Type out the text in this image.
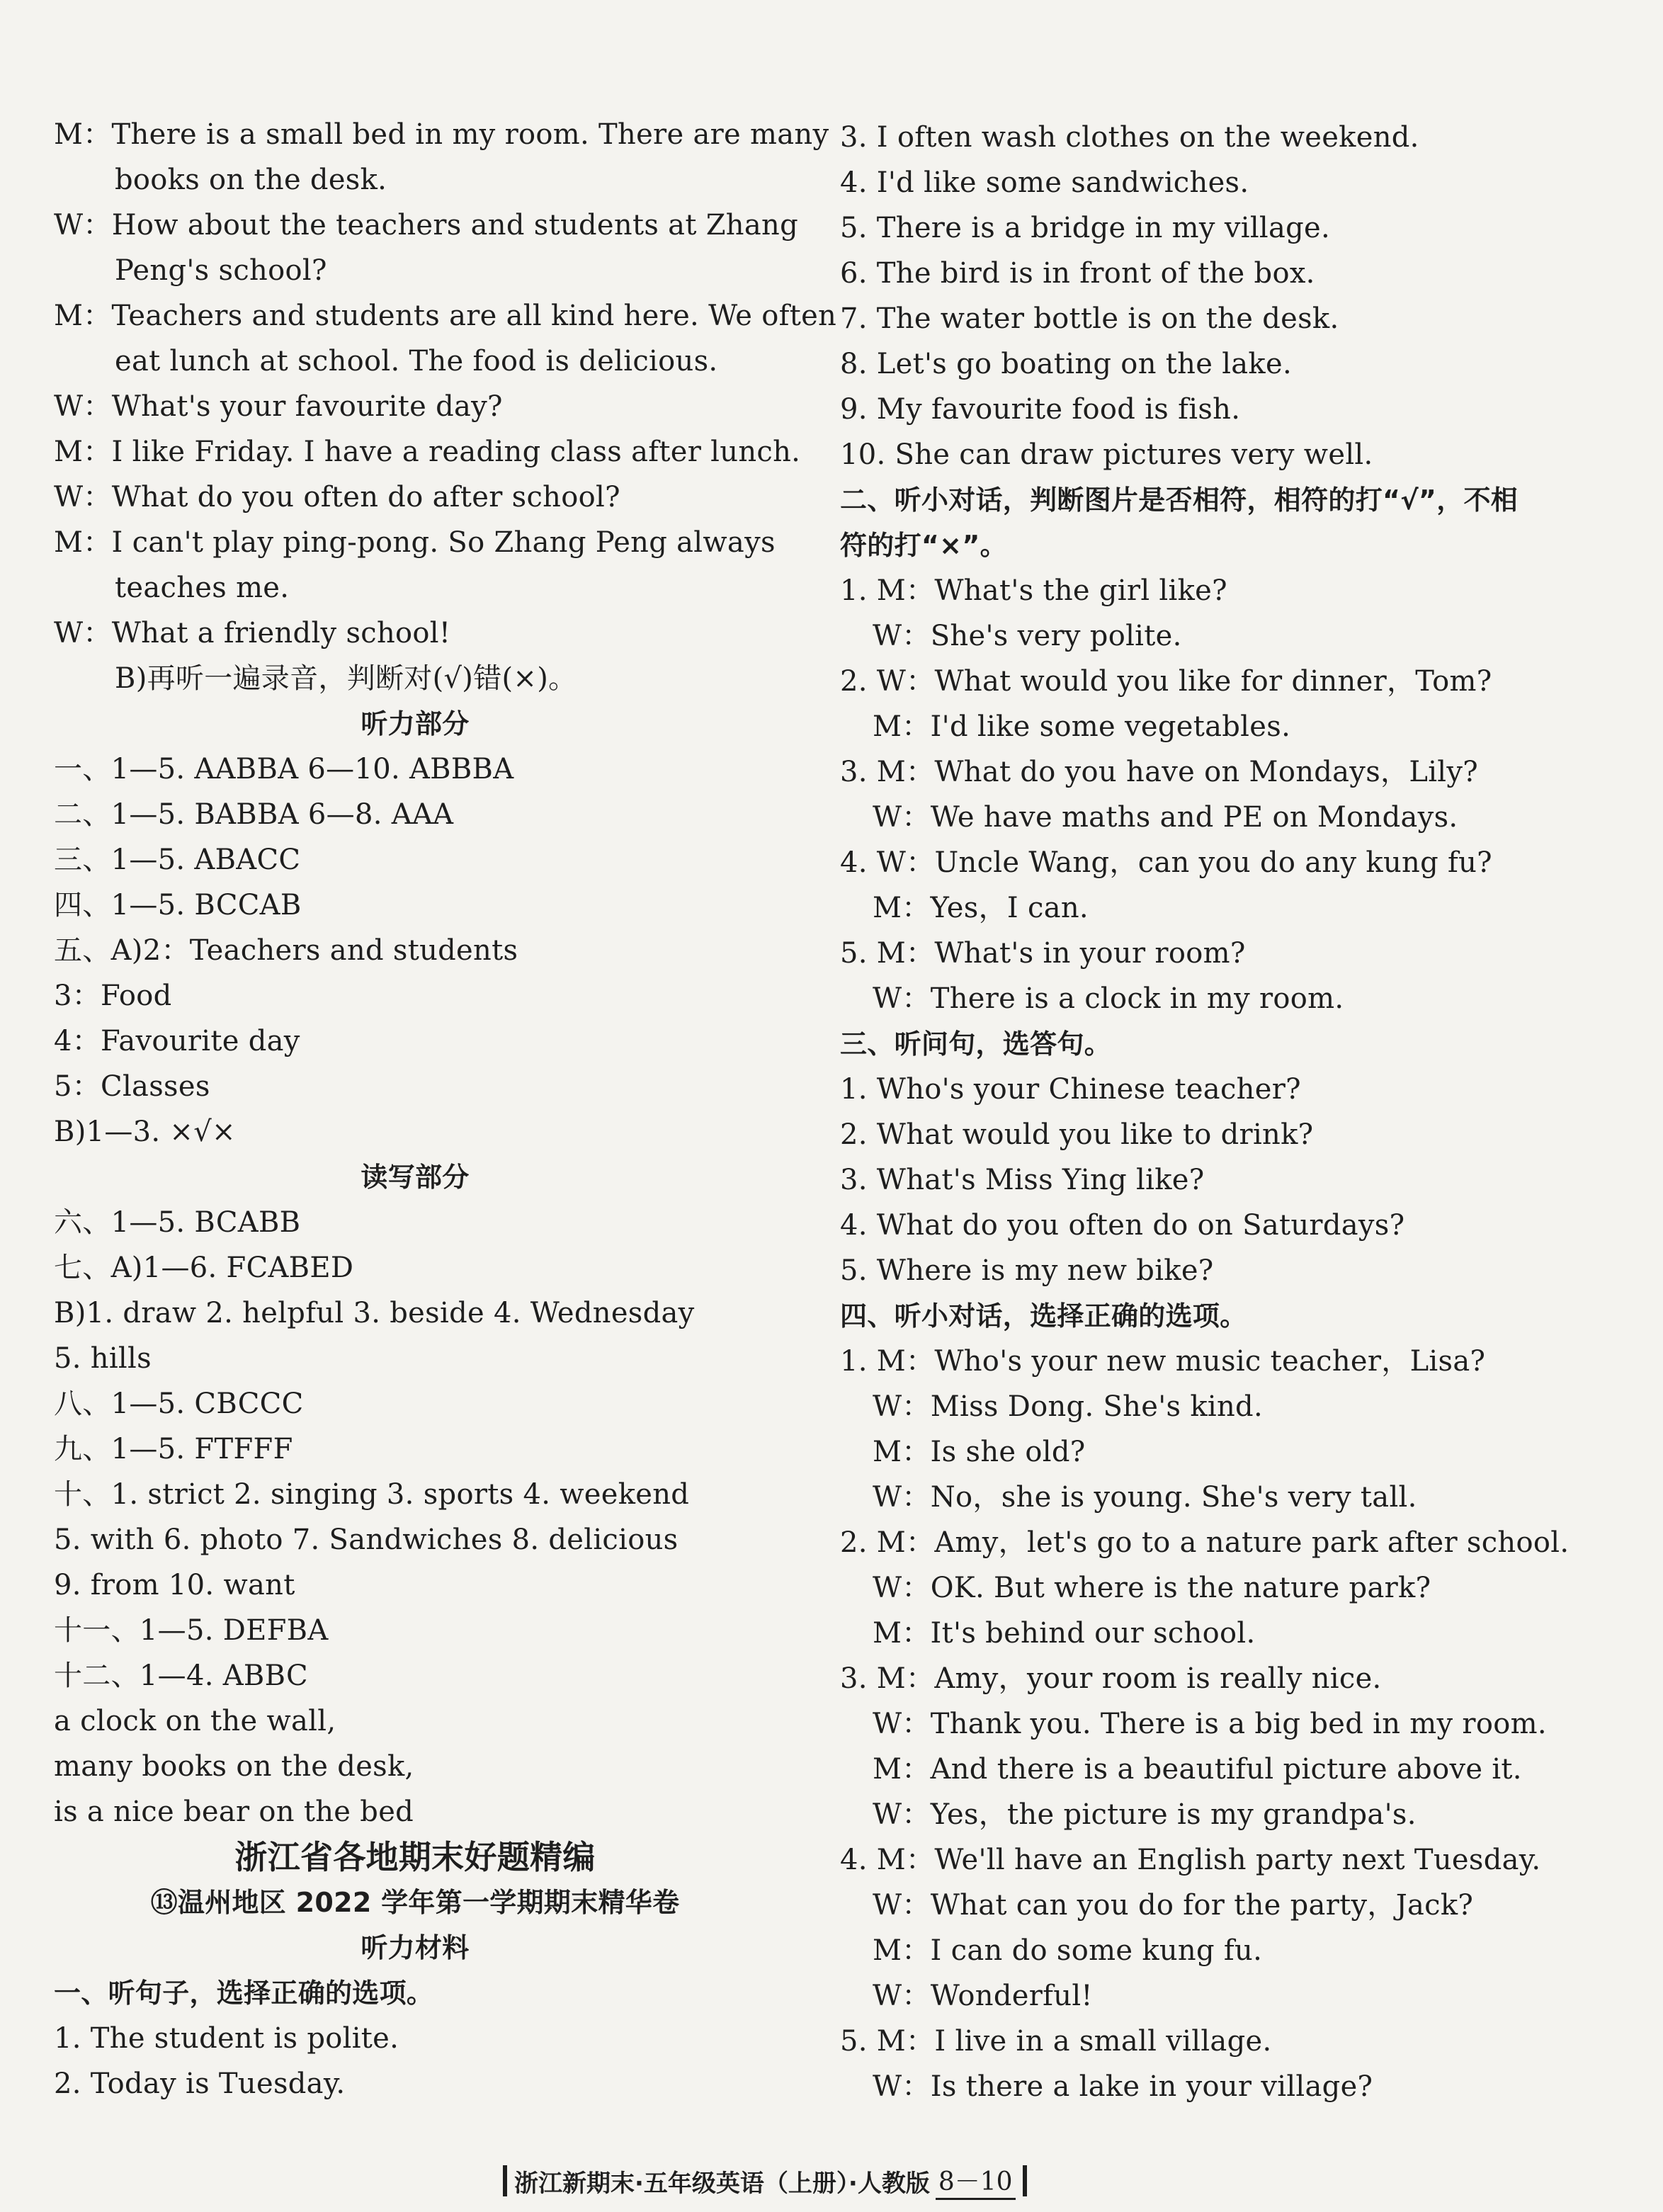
M：There is a small bed in my room. There are many
books on the desk.
W：How about the teachers and students at Zhang
Peng's school?
M：Teachers and students are all kind here. We often
eat lunch at school. The food is delicious.
W：What's your favourite day?
M：I like Friday. I have a reading class after lunch.
W：What do you often do after school?
M：I can't play ping-pong. So Zhang Peng always
teaches me.
W：What a friendly school!
B)再听一遍录音，判断对(√)错(×)。
听力部分
一、1—5. AABBA 6—10. ABBBA
二、1—5. BABBA 6—8. AAA
三、1—5. ABACC
四、1—5. BCCAB
五、A)2：Teachers and students
3：Food
4：Favourite day
5：Classes
B)1—3. ×√×
读写部分
六、1—5. BCABB
七、A)1—6. FCABED
B)1. draw 2. helpful 3. beside 4. Wednesday
5. hills
八、1—5. CBCCC
九、1—5. FTFFF
十、1. strict 2. singing 3. sports 4. weekend
5. with 6. photo 7. Sandwiches 8. delicious
9. from 10. want
十一、1—5. DEFBA
十二、1—4. ABBC
a clock on the wall,
many books on the desk,
is a nice bear on the bed
浙江省各地期末好题精编
⑬温州地区 2022 学年第一学期期末精华卷
听力材料
一、听句子，选择正确的选项。
1. The student is polite.
2. Today is Tuesday.
3. I often wash clothes on the weekend.
4. I'd like some sandwiches.
5. There is a bridge in my village.
6. The bird is in front of the box.
7. The water bottle is on the desk.
8. Let's go boating on the lake.
9. My favourite food is fish.
10. She can draw pictures very well.
二、听小对话，判断图片是否相符，相符的打“√”，不相
符的打“×”。
1. M：What's the girl like?
W：She's very polite.
2. W：What would you like for dinner，Tom?
M：I'd like some vegetables.
3. M：What do you have on Mondays，Lily?
W：We have maths and PE on Mondays.
4. W：Uncle Wang，can you do any kung fu?
M：Yes，I can.
5. M：What's in your room?
W：There is a clock in my room.
三、听问句，选答句。
1. Who's your Chinese teacher?
2. What would you like to drink?
3. What's Miss Ying like?
4. What do you often do on Saturdays?
5. Where is my new bike?
四、听小对话，选择正确的选项。
1. M：Who's your new music teacher，Lisa?
W：Miss Dong. She's kind.
M：Is she old?
W：No，she is young. She's very tall.
2. M：Amy，let's go to a nature park after school.
W：OK. But where is the nature park?
M：It's behind our school.
3. M：Amy，your room is really nice.
W：Thank you. There is a big bed in my room.
M：And there is a beautiful picture above it.
W：Yes，the picture is my grandpa's.
4. M：We'll have an English party next Tuesday.
W：What can you do for the party，Jack?
M：I can do some kung fu.
W：Wonderful!
5. M：I live in a small village.
W：Is there a lake in your village?
浙江新期末·五年级英语（上册）·人教版 8－10
